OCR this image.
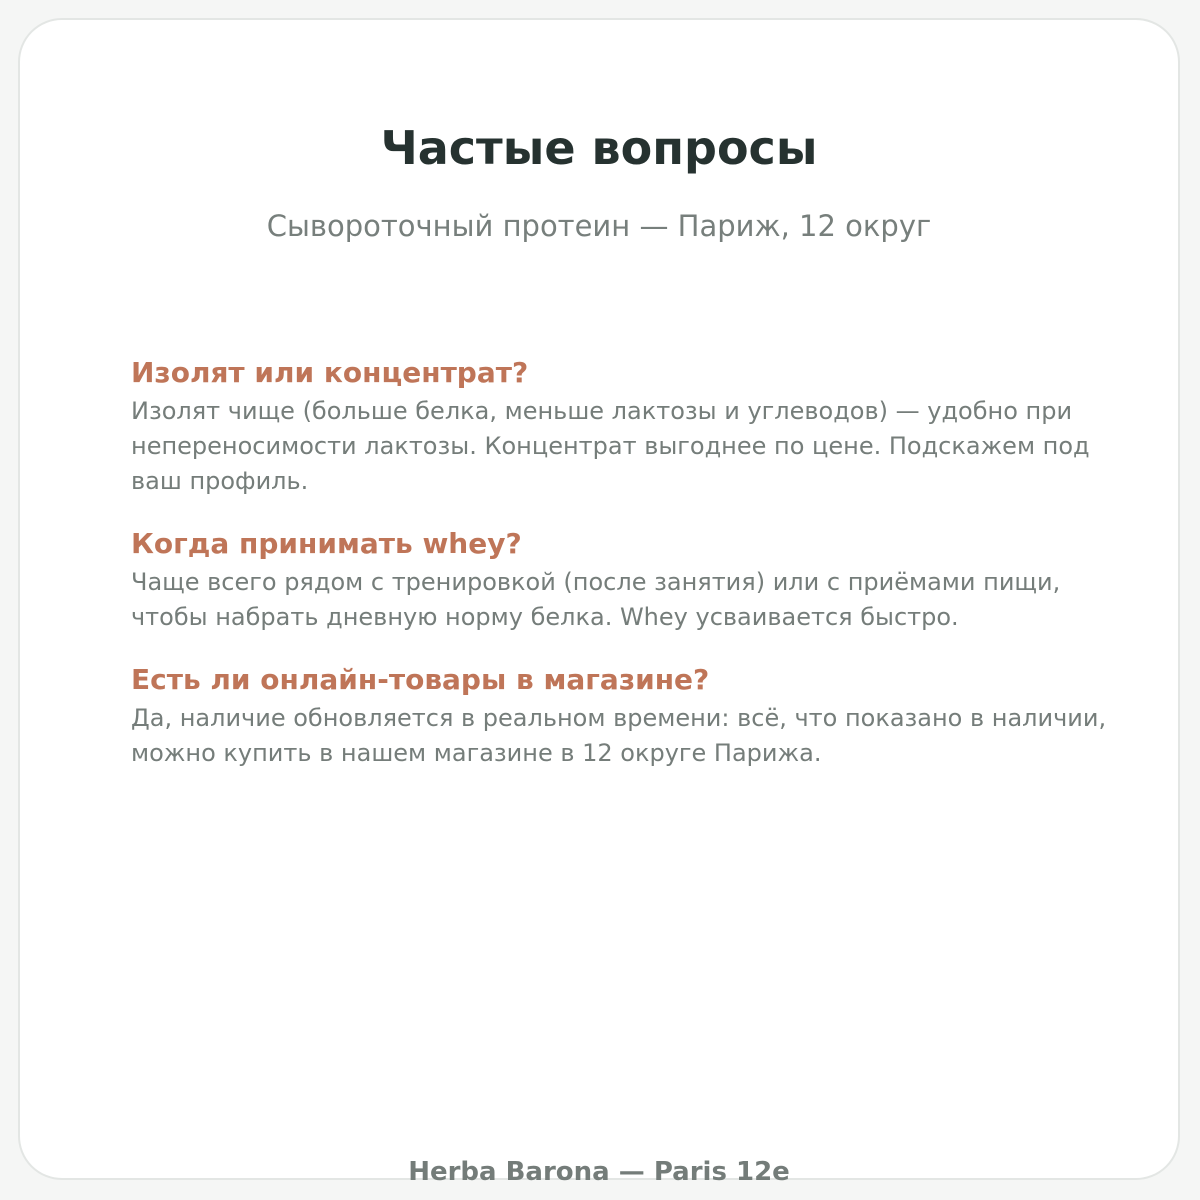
Частые вопросы

Сывороточный протеин — Париж, 12 округ

Изолят или концентрат?

Изолят чище (больше белка, меньше лактозы и углеводов) — удобно при непереносимости лактозы. Концентрат выгоднее по цене. Подскажем под ваш профиль.

Когда принимать whey?

Чаще всего рядом с тренировкой (после занятия) или с приёмами пищи, чтобы набрать дневную норму белка. Whey усваивается быстро.

Есть ли онлайн-товары в магазине?

Да, наличие обновляется в реальном времени: всё, что показано в наличии, можно купить в нашем магазине в 12 округе Парижа.

Herba Barona — Paris 12e
